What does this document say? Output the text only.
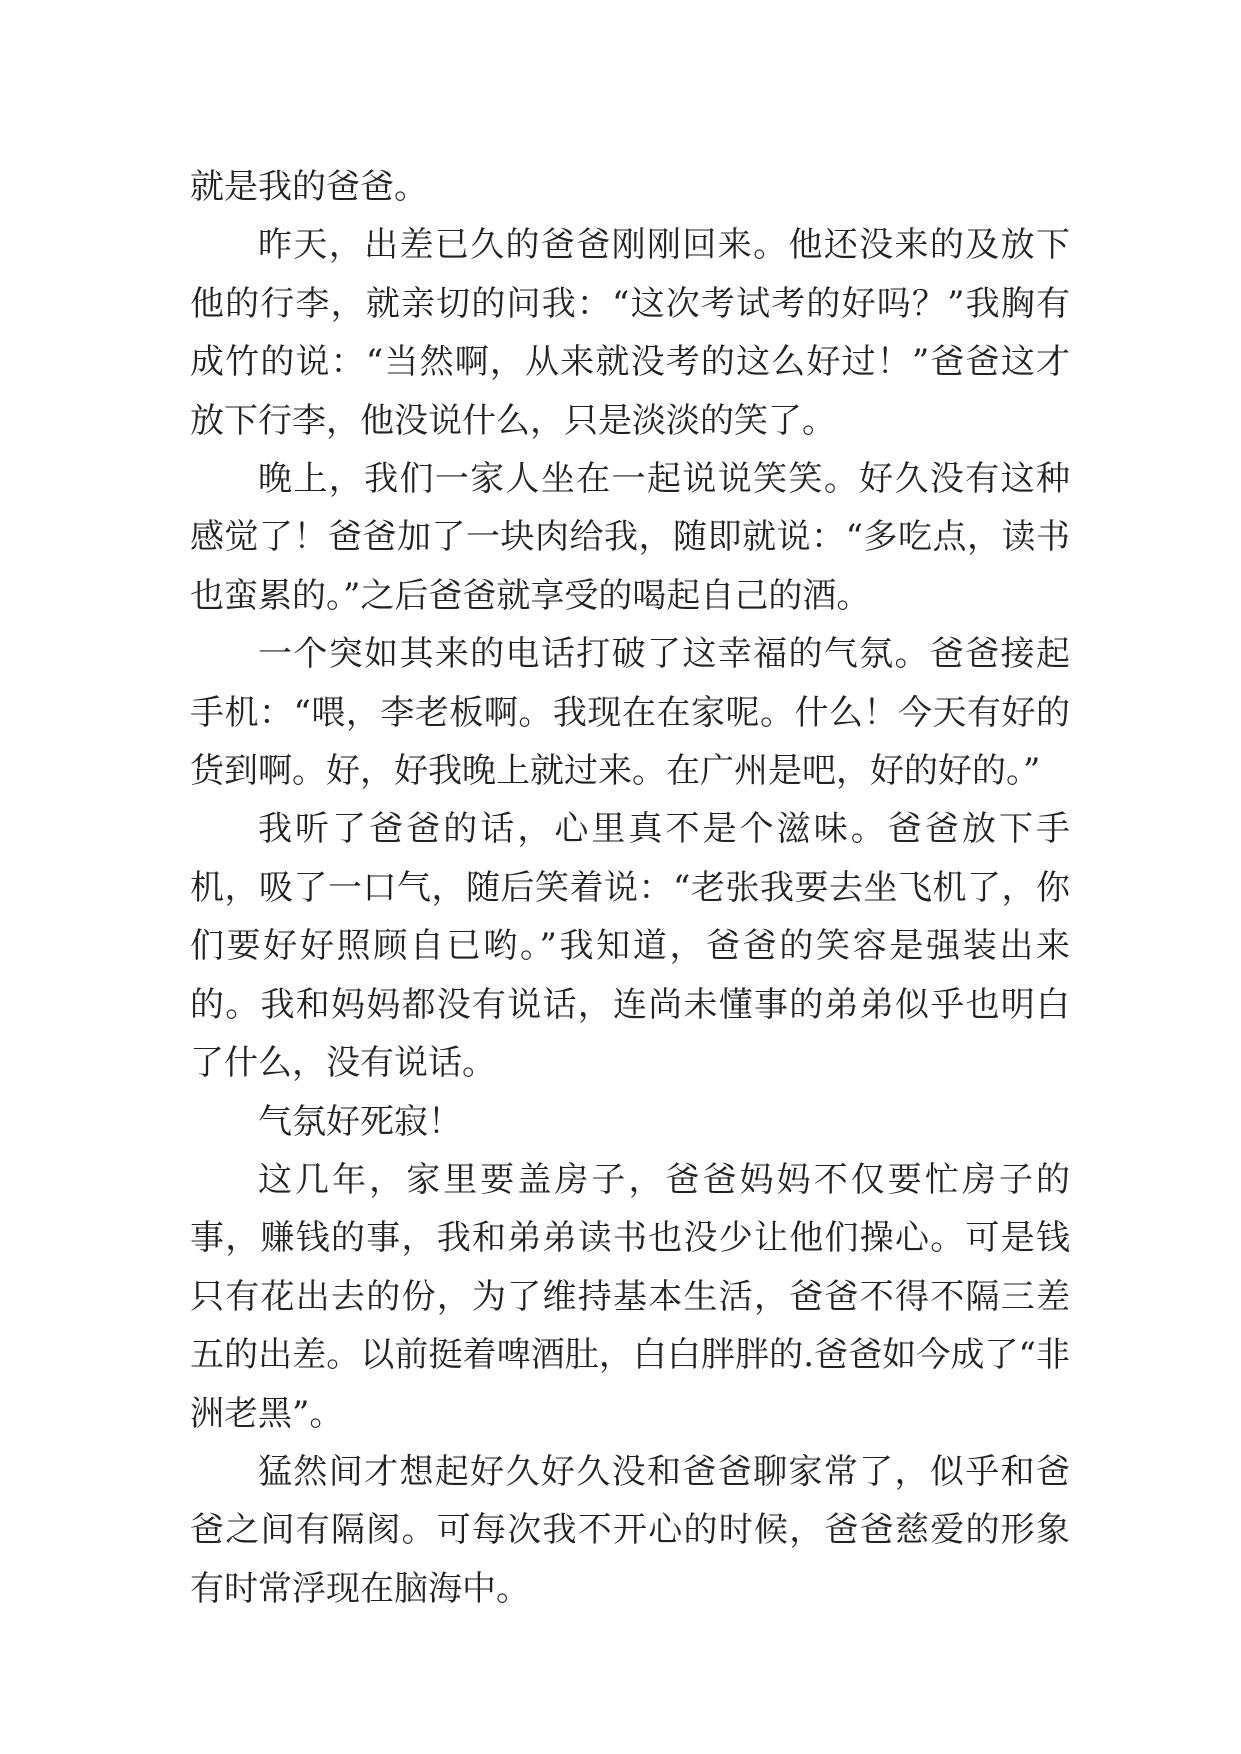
就是我的爸爸。

昨天，出差已久的爸爸刚刚回来。他还没来的及放下他的行李，就亲切的问我：“这次考试考的好吗？”我胸有成竹的说：“当然啊，从来就没考的这么好过！”爸爸这才放下行李，他没说什么，只是淡淡的笑了。

晚上，我们一家人坐在一起说说笑笑。好久没有这种感觉了！爸爸加了一块肉给我，随即就说：“多吃点，读书也蛮累的。”之后爸爸就享受的喝起自己的酒。

一个突如其来的电话打破了这幸福的气氛。爸爸接起手机：“喂，李老板啊。我现在在家呢。什么！今天有好的货到啊。好，好我晚上就过来。在广州是吧，好的好的。”

我听了爸爸的话，心里真不是个滋味。爸爸放下手机，吸了一口气，随后笑着说：“老张我要去坐飞机了，你们要好好照顾自已哟。”我知道，爸爸的笑容是强装出来的。我和妈妈都没有说话，连尚未懂事的弟弟似乎也明白了什么，没有说话。

气氛好死寂！

这几年，家里要盖房子，爸爸妈妈不仅要忙房子的事，赚钱的事，我和弟弟读书也没少让他们操心。可是钱只有花出去的份，为了维持基本生活，爸爸不得不隔三差五的出差。以前挺着啤酒肚，白白胖胖的.爸爸如今成了“非洲老黑”。

猛然间才想起好久好久没和爸爸聊家常了，似乎和爸爸之间有隔阂。可每次我不开心的时候，爸爸慈爱的形象有时常浮现在脑海中。
